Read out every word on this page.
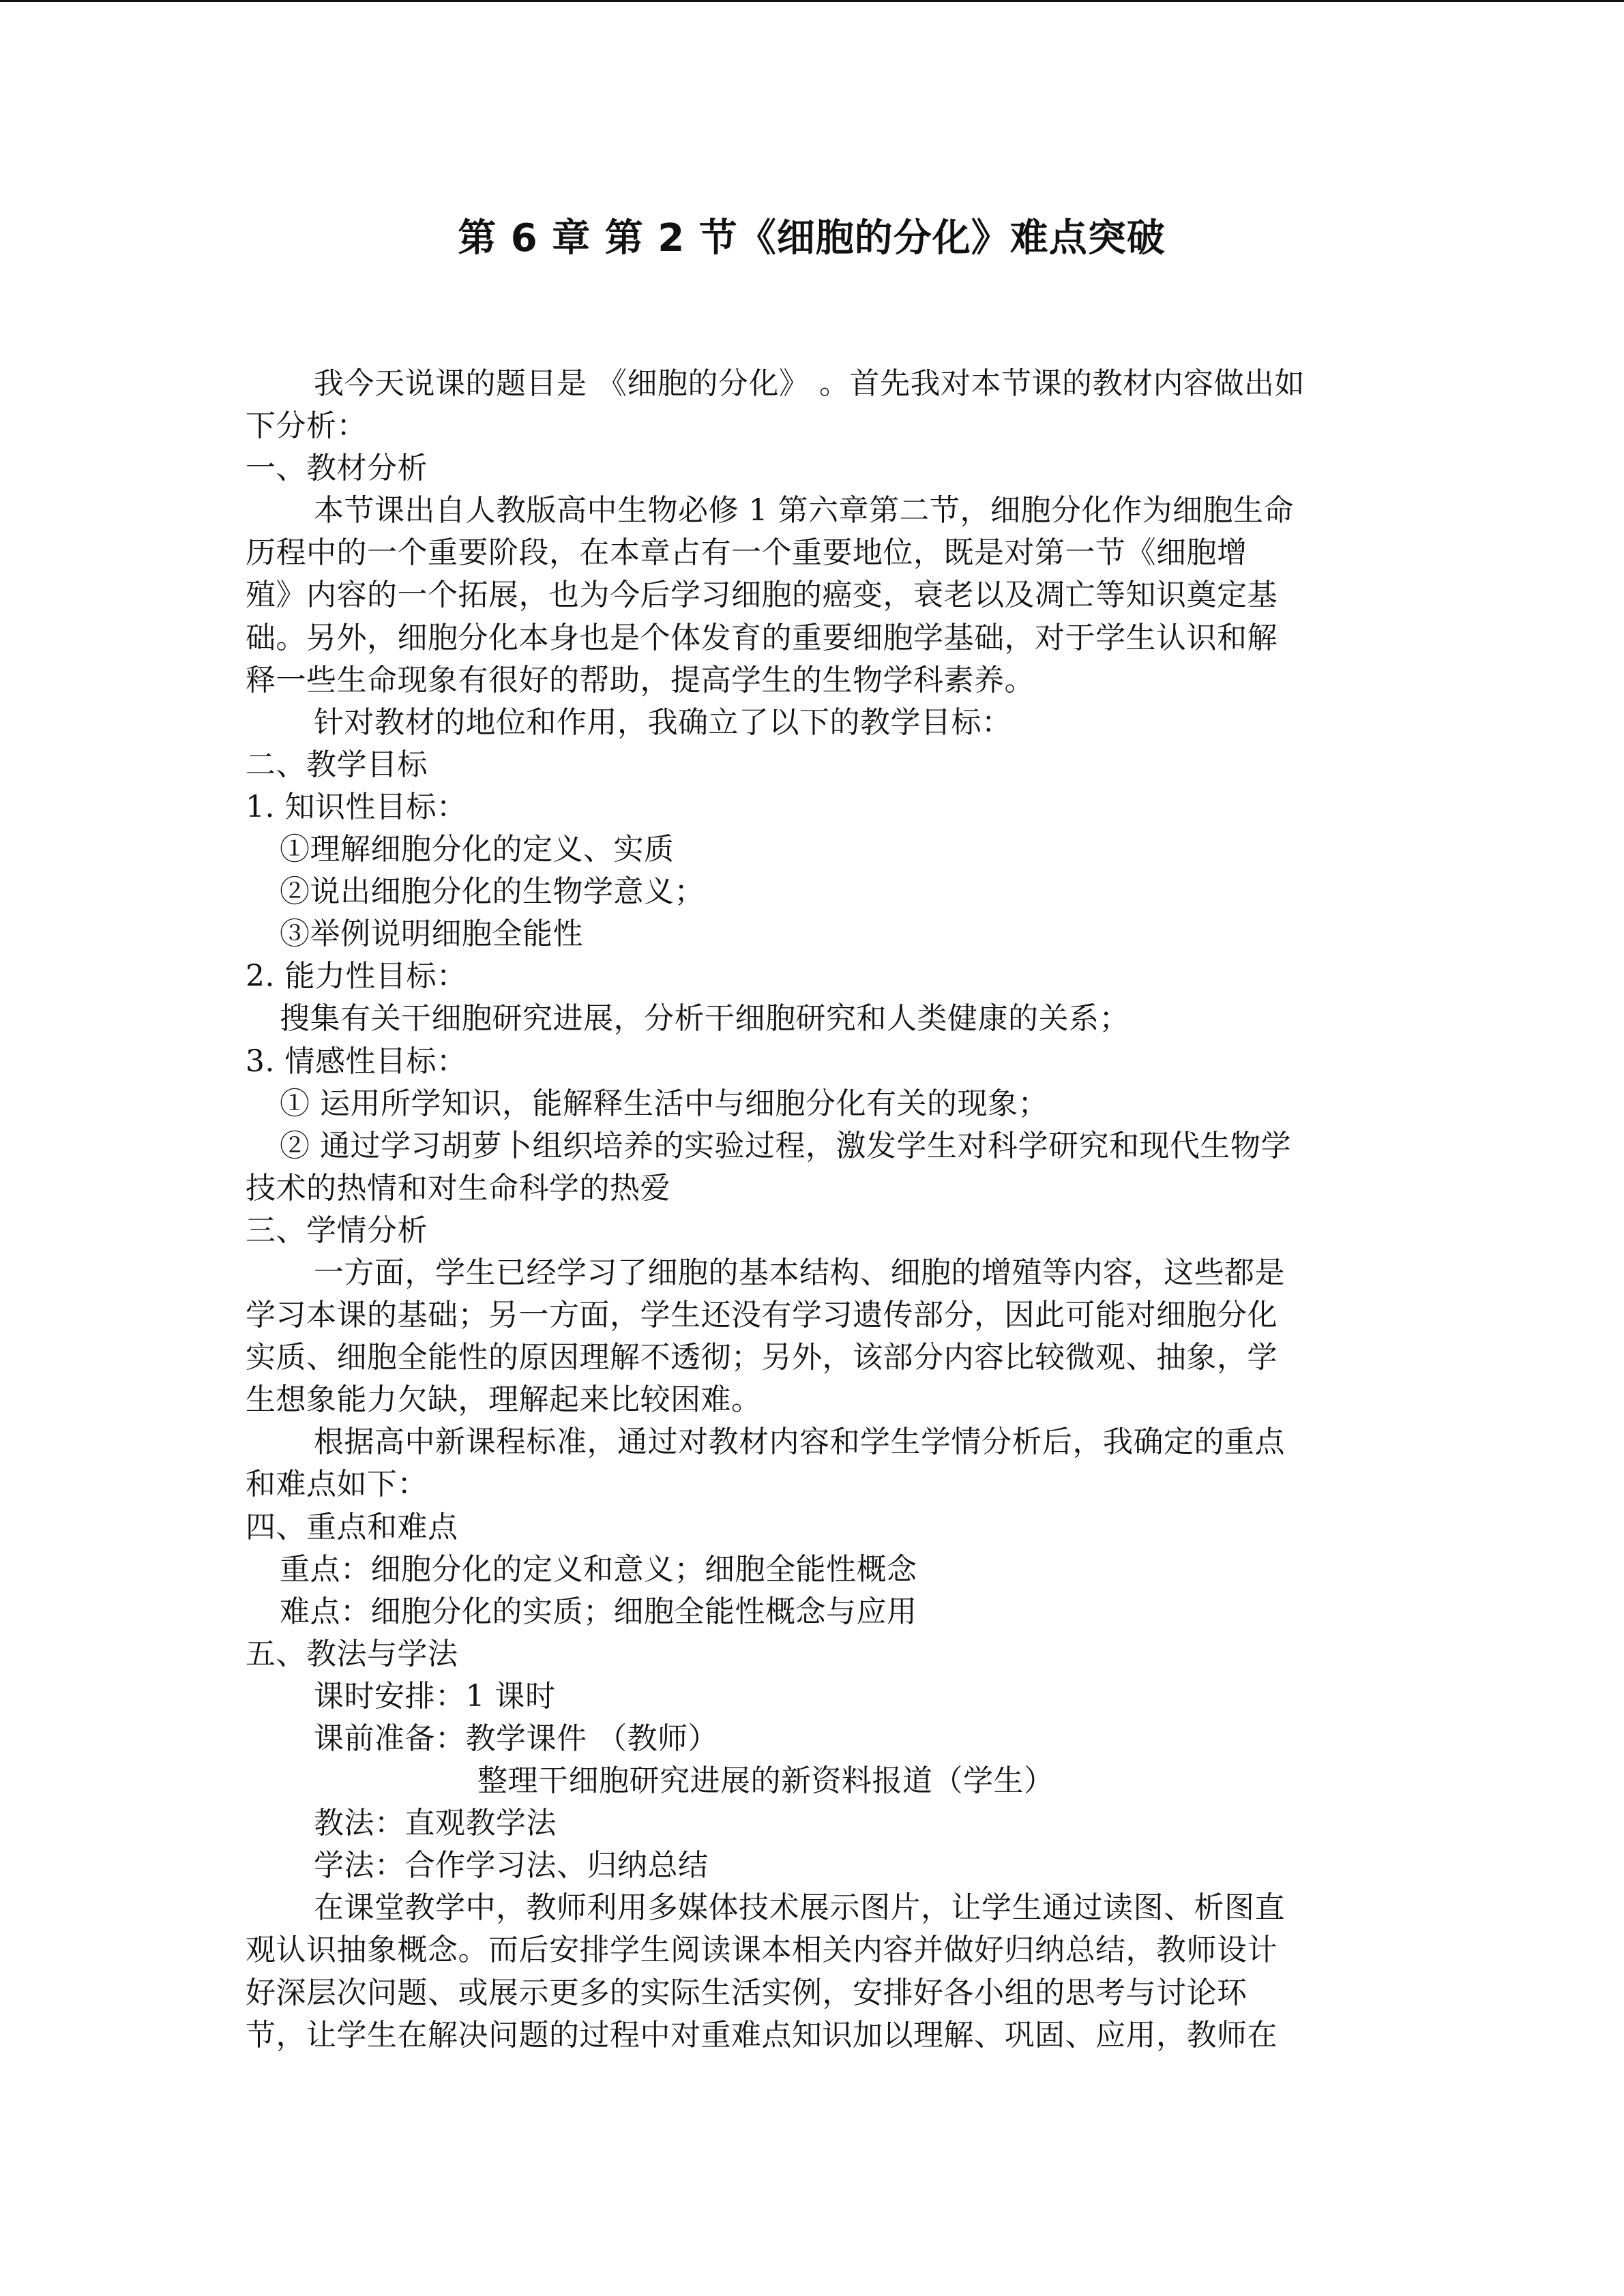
第 6 章 第 2 节《细胞的分化》难点突破

我今天说课的题目是 《细胞的分化》 。首先我对本节课的教材内容做出如

下分析：

一、教材分析

本节课出自人教版高中生物必修 1 第六章第二节，细胞分化作为细胞生命

历程中的一个重要阶段，在本章占有一个重要地位，既是对第一节《细胞增

殖》内容的一个拓展，也为今后学习细胞的癌变，衰老以及凋亡等知识奠定基

础。另外，细胞分化本身也是个体发育的重要细胞学基础，对于学生认识和解

释一些生命现象有很好的帮助，提高学生的生物学科素养。

针对教材的地位和作用，我确立了以下的教学目标：

二、教学目标

1. 知识性目标：

①理解细胞分化的定义、实质

②说出细胞分化的生物学意义；

③举例说明细胞全能性

2. 能力性目标：

搜集有关干细胞研究进展，分析干细胞研究和人类健康的关系；

3. 情感性目标：

① 运用所学知识，能解释生活中与细胞分化有关的现象；

② 通过学习胡萝卜组织培养的实验过程，激发学生对科学研究和现代生物学

技术的热情和对生命科学的热爱

三、学情分析

一方面，学生已经学习了细胞的基本结构、细胞的增殖等内容，这些都是

学习本课的基础；另一方面，学生还没有学习遗传部分，因此可能对细胞分化

实质、细胞全能性的原因理解不透彻；另外，该部分内容比较微观、抽象，学

生想象能力欠缺，理解起来比较困难。

根据高中新课程标准，通过对教材内容和学生学情分析后，我确定的重点

和难点如下：

四、重点和难点

重点：细胞分化的定义和意义；细胞全能性概念

难点：细胞分化的实质；细胞全能性概念与应用

五、教法与学法

课时安排：1 课时

课前准备：教学课件 （教师）

整理干细胞研究进展的新资料报道（学生）

教法：直观教学法

学法：合作学习法、归纳总结

在课堂教学中，教师利用多媒体技术展示图片，让学生通过读图、析图直

观认识抽象概念。而后安排学生阅读课本相关内容并做好归纳总结，教师设计

好深层次问题、或展示更多的实际生活实例，安排好各小组的思考与讨论环

节，让学生在解决问题的过程中对重难点知识加以理解、巩固、应用，教师在
